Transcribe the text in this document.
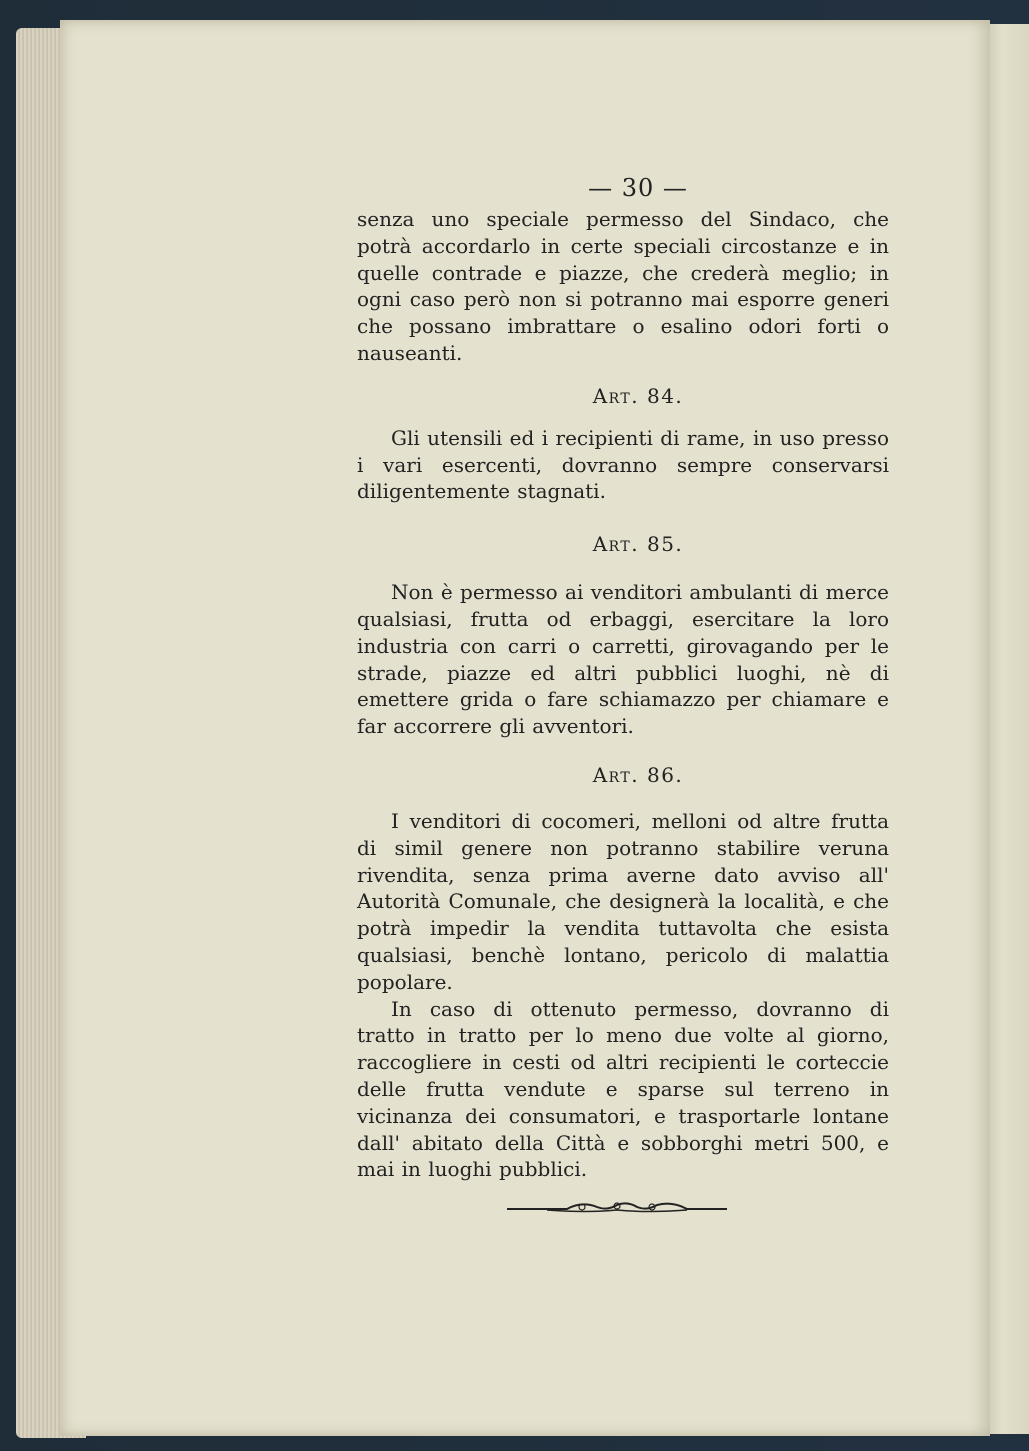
— 30 —

senza uno speciale permesso del Sindaco, che potrà accordarlo in certe speciali circostanze e in quelle contrade e piazze, che crederà meglio; in ogni caso però non si potranno mai esporre generi che possano imbrattare o esalino odori forti o nauseanti.

Art. 84.

Gli utensili ed i recipienti di rame, in uso presso i vari esercenti, dovranno sempre conservarsi diligentemente stagnati.

Art. 85.

Non è permesso ai venditori ambulanti di merce qualsiasi, frutta od erbaggi, esercitare la loro industria con carri o carretti, girovagando per le strade, piazze ed altri pubblici luoghi, nè di emettere grida o fare schiamazzo per chiamare e far accorrere gli avventori.

Art. 86.

I venditori di cocomeri, melloni od altre frutta di simil genere non potranno stabilire veruna rivendita, senza prima averne dato avviso all' Autorità Comunale, che designerà la località, e che potrà impedir la vendita tuttavolta che esista qualsiasi, benchè lontano, pericolo di malattia popolare.

In caso di ottenuto permesso, dovranno di tratto in tratto per lo meno due volte al giorno, raccogliere in cesti od altri recipienti le corteccie delle frutta vendute e sparse sul terreno in vicinanza dei consumatori, e trasportarle lontane dall' abitato della Città e sobborghi metri 500, e mai in luoghi pubblici.
